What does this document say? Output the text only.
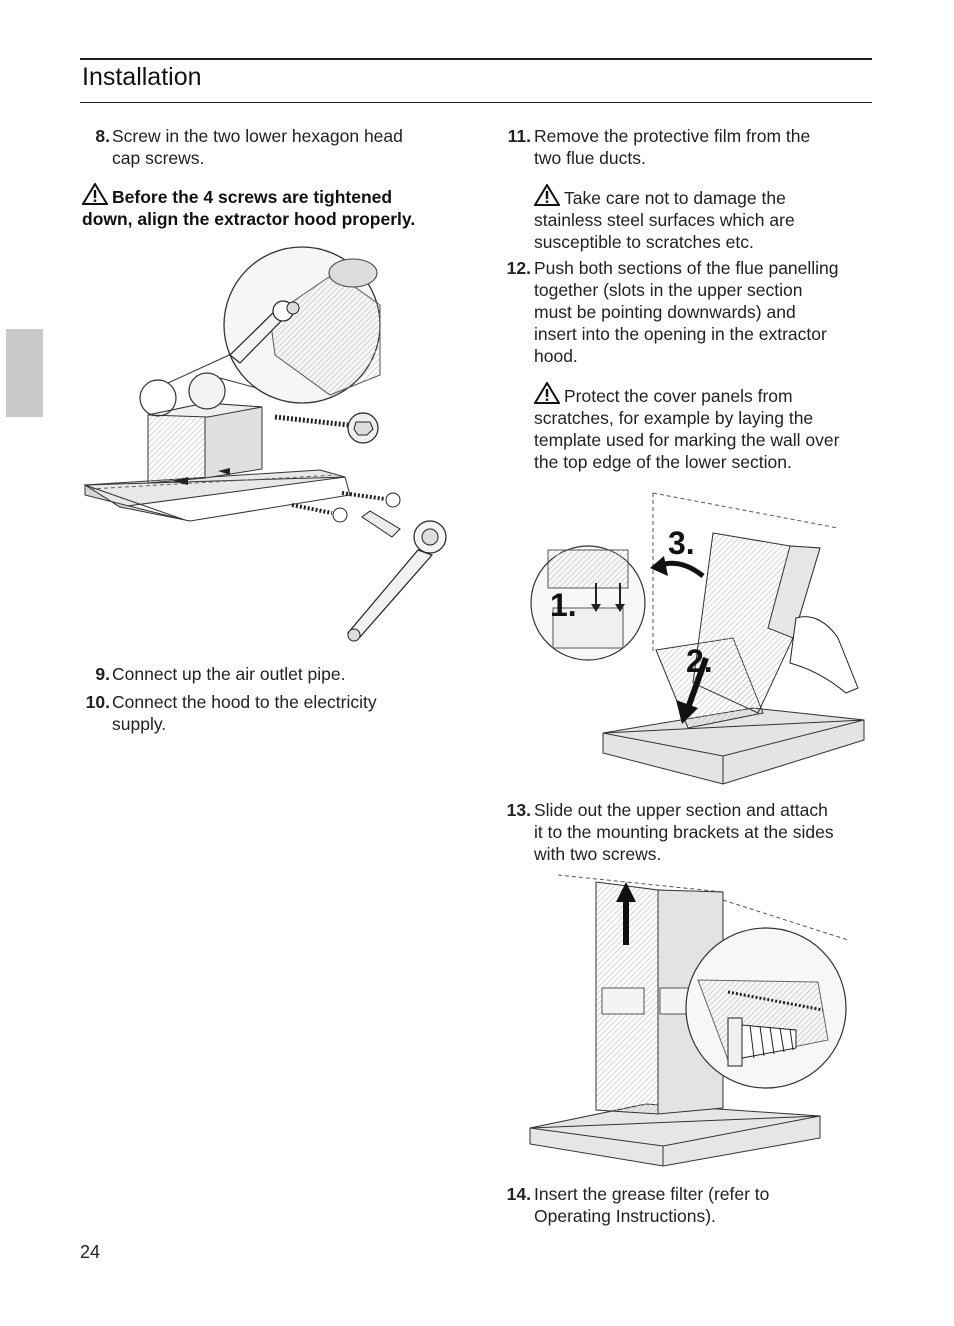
Installation
8. Screw in the two lower hexagon head
cap screws.
Before the 4 screws are tightened
down, align the extractor hood properly.
9. Connect up the air outlet pipe.
10. Connect the hood to the electricity
supply.
11. Remove the protective film from the
two flue ducts.
Take care not to damage the
stainless steel surfaces which are
susceptible to scratches etc.
12. Push both sections of the flue panelling
together (slots in the upper section
must be pointing downwards) and
insert into the opening in the extractor
hood.
Protect the cover panels from
scratches, for example by laying the
template used for marking the wall over
the top edge of the lower section.
3.
1.
2.
13. Slide out the upper section and attach
it to the mounting brackets at the sides
with two screws.
14. Insert the grease filter (refer to
Operating Instructions).
24
